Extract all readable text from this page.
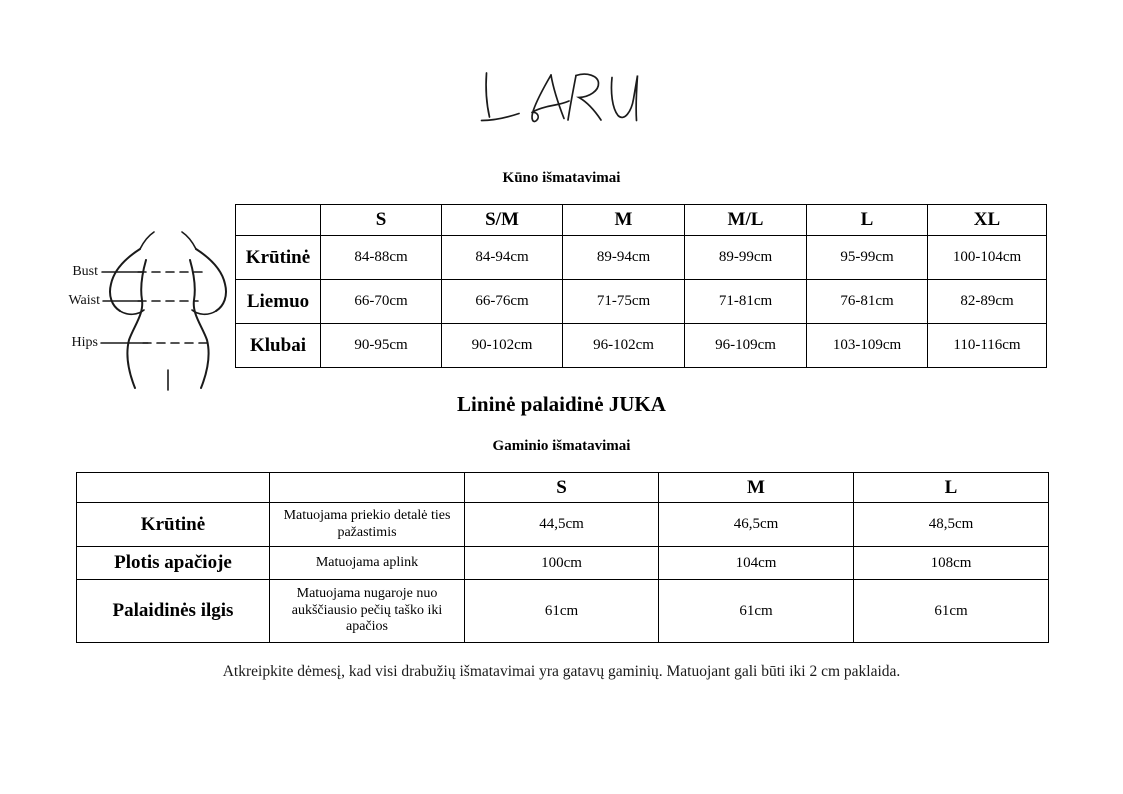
Kūno išmatavimai
Bust
Waist
Hips
	S	S/M	M	M/L	L	XL
Krūtinė	84-88cm	84-94cm	89-94cm	89-99cm	95-99cm	100-104cm
Liemuo	66-70cm	66-76cm	71-75cm	71-81cm	76-81cm	82-89cm
Klubai	90-95cm	90-102cm	96-102cm	96-109cm	103-109cm	110-116cm
Lininė palaidinė JUKA
Gaminio išmatavimai
		S	M	L
Krūtinė	Matuojama priekio detalė ties pažastimis	44,5cm	46,5cm	48,5cm
Plotis apačioje	Matuojama aplink	100cm	104cm	108cm
Palaidinės ilgis	Matuojama nugaroje nuo aukščiausio pečių taško iki apačios	61cm	61cm	61cm
Atkreipkite dėmesį, kad visi drabužių išmatavimai yra gatavų gaminių. Matuojant gali būti iki 2 cm paklaida.
